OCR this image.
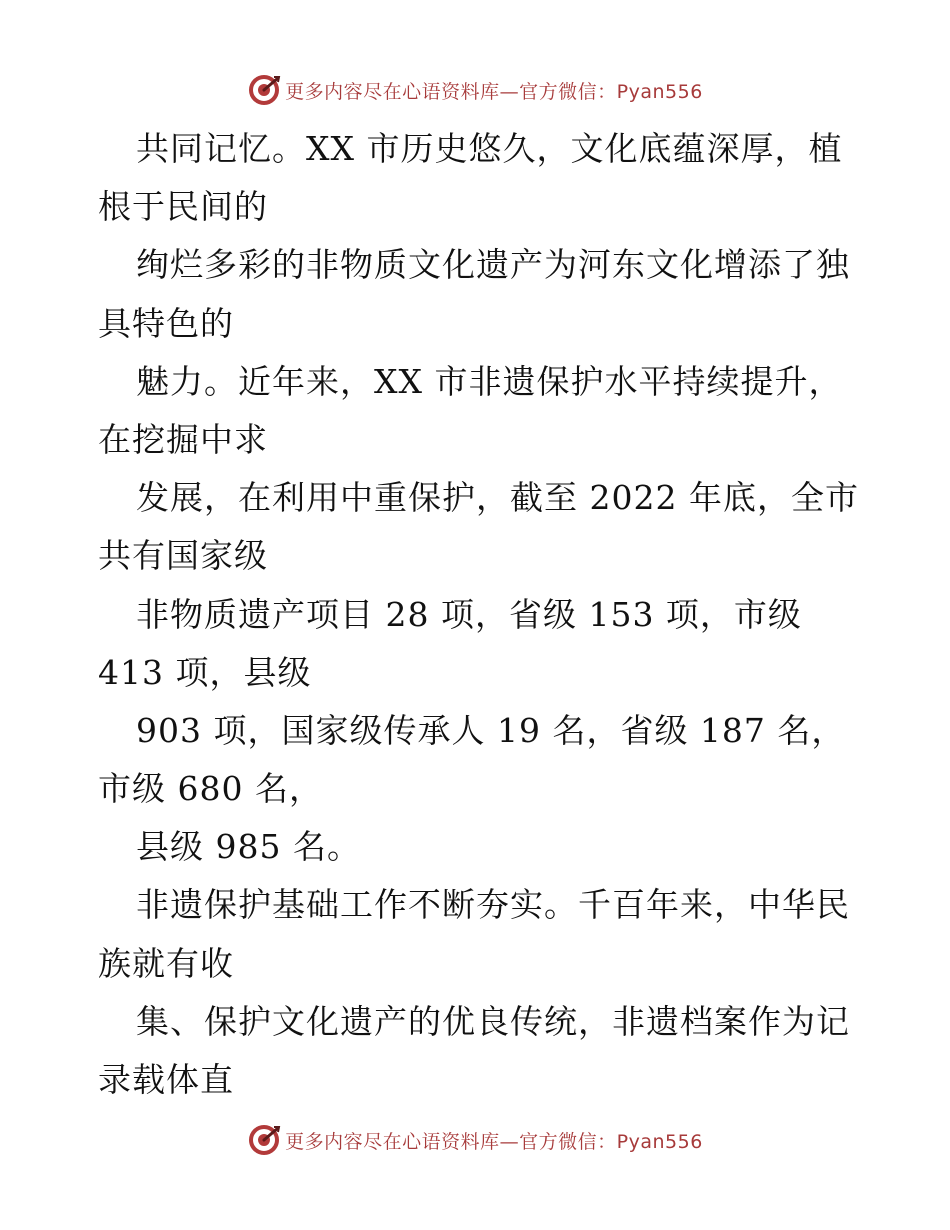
更多内容尽在心语资料库—官方微信：Pyan556
共同记忆。XX 市历史悠久，文化底蕴深厚，植
根于民间的
绚烂多彩的非物质文化遗产为河东文化增添了独
具特色的
魅力。近年来，XX 市非遗保护水平持续提升，
在挖掘中求
发展，在利用中重保护，截至 2022 年底，全市
共有国家级
非物质遗产项目 28 项，省级 153 项，市级
413 项，县级
903 项，国家级传承人 19 名，省级 187 名，
市级 680 名，
县级 985 名。
非遗保护基础工作不断夯实。千百年来，中华民
族就有收
集、保护文化遗产的优良传统，非遗档案作为记
录载体直
更多内容尽在心语资料库—官方微信：Pyan556
